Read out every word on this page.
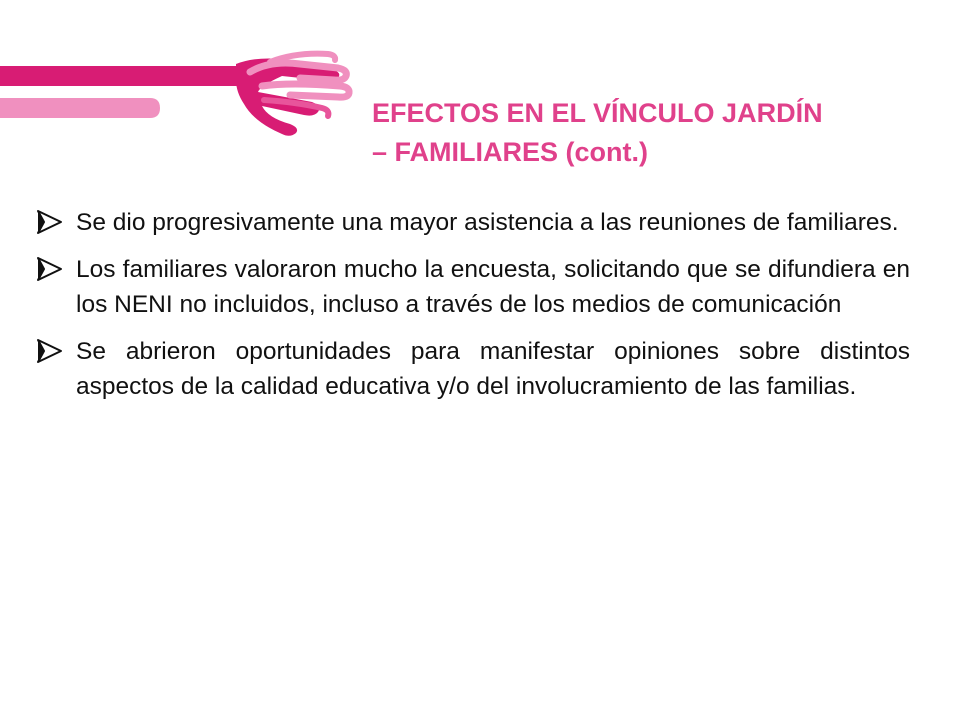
EFECTOS EN EL VÍNCULO JARDÍN
– FAMILIARES (cont.)
Se dio progresivamente una mayor asistencia a las reuniones de familiares.
Los familiares valoraron mucho la encuesta, solicitando que se difundiera en los NENI no incluidos, incluso a través de los medios de comunicación
Se abrieron oportunidades para manifestar opiniones sobre distintos aspectos de la calidad educativa y/o del involucramiento de las familias.
